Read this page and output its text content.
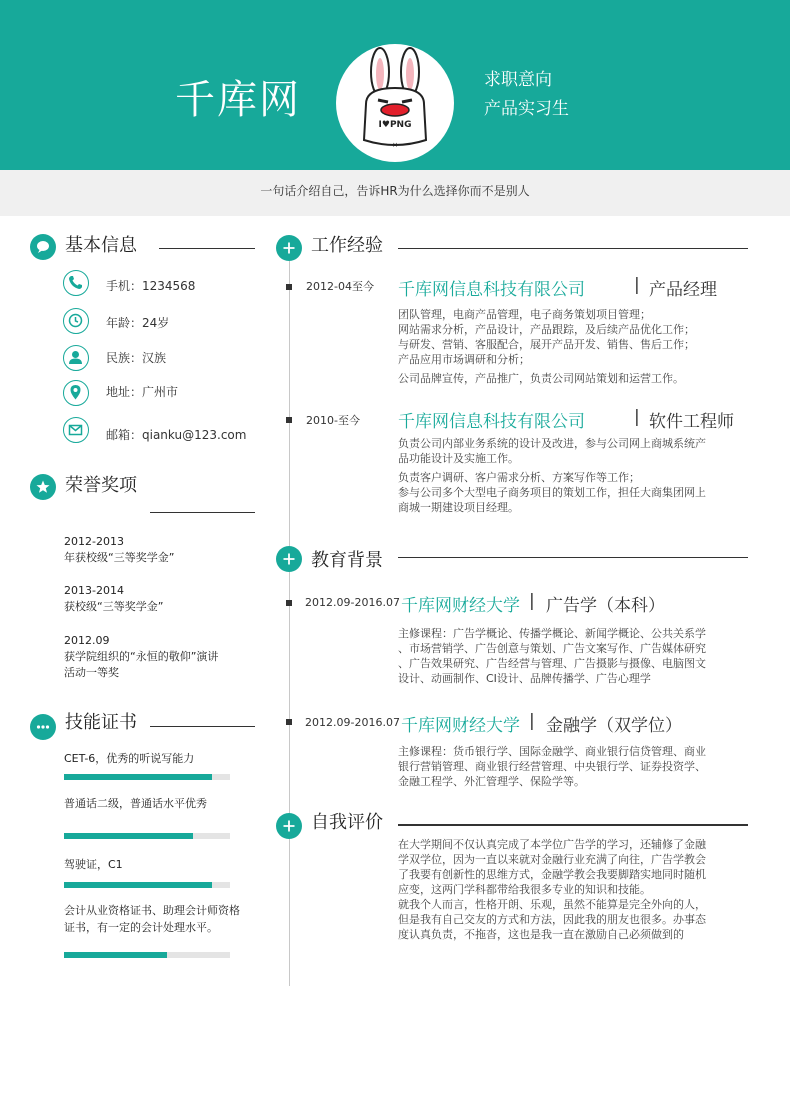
千库网
I♥PNG
×
求职意向
产品实习生
一句话介绍自己，告诉HR为什么选择你而不是别人
基本信息
手机：1234568
年龄：24岁
民族：汉族
地址：广州市
邮箱：qianku@123.com
荣誉奖项
2012-2013
年获校级“三等奖学金”
2013-2014
获校级“三等奖学金”
2012.09
获学院组织的“永恒的敬仰”演讲
活动一等奖
技能证书
CET-6，优秀的听说写能力
普通话二级，普通话水平优秀
驾驶证，C1
会计从业资格证书、助理会计师资格
证书，有一定的会计处理水平。
工作经验
2012-04至今 千库网信息科技有限公司	| 产品经理
团队管理，电商产品管理，电子商务策划项目管理；
网站需求分析，产品设计，产品跟踪，及后续产品优化工作；
与研发、营销、客服配合，展开产品开发、销售、售后工作；
产品应用市场调研和分析；
公司品牌宣传，产品推广，负责公司网站策划和运营工作。
2010-至今 千库网信息科技有限公司	| 软件工程师
负责公司内部业务系统的设计及改进，参与公司网上商城系统产
品功能设计及实施工作。
负责客户调研、客户需求分析、方案写作等工作；
参与公司多个大型电子商务项目的策划工作，担任大商集团网上
商城一期建设项目经理。
教育背景
2012.09-2016.07 千库网财经大学 | 广告学（本科）
主修课程：广告学概论、传播学概论、新闻学概论、公共关系学
、市场营销学、广告创意与策划、广告文案写作、广告媒体研究
、广告效果研究、广告经营与管理、广告摄影与摄像、电脑图文
设计、动画制作、CI设计、品牌传播学、广告心理学
2012.09-2016.07 千库网财经大学 | 金融学（双学位）
主修课程：货币银行学、国际金融学、商业银行信贷管理、商业
银行营销管理、商业银行经营管理、中央银行学、证券投资学、
金融工程学、外汇管理学、保险学等。
自我评价
在大学期间不仅认真完成了本学位广告学的学习，还辅修了金融
学双学位，因为一直以来就对金融行业充满了向往，广告学教会
了我要有创新性的思维方式，金融学教会我要脚踏实地同时随机
应变，这两门学科都带给我很多专业的知识和技能。
就我个人而言，性格开朗、乐观，虽然不能算是完全外向的人，
但是我有自己交友的方式和方法，因此我的朋友也很多。办事态
度认真负责，不拖沓，这也是我一直在激励自己必须做到的
